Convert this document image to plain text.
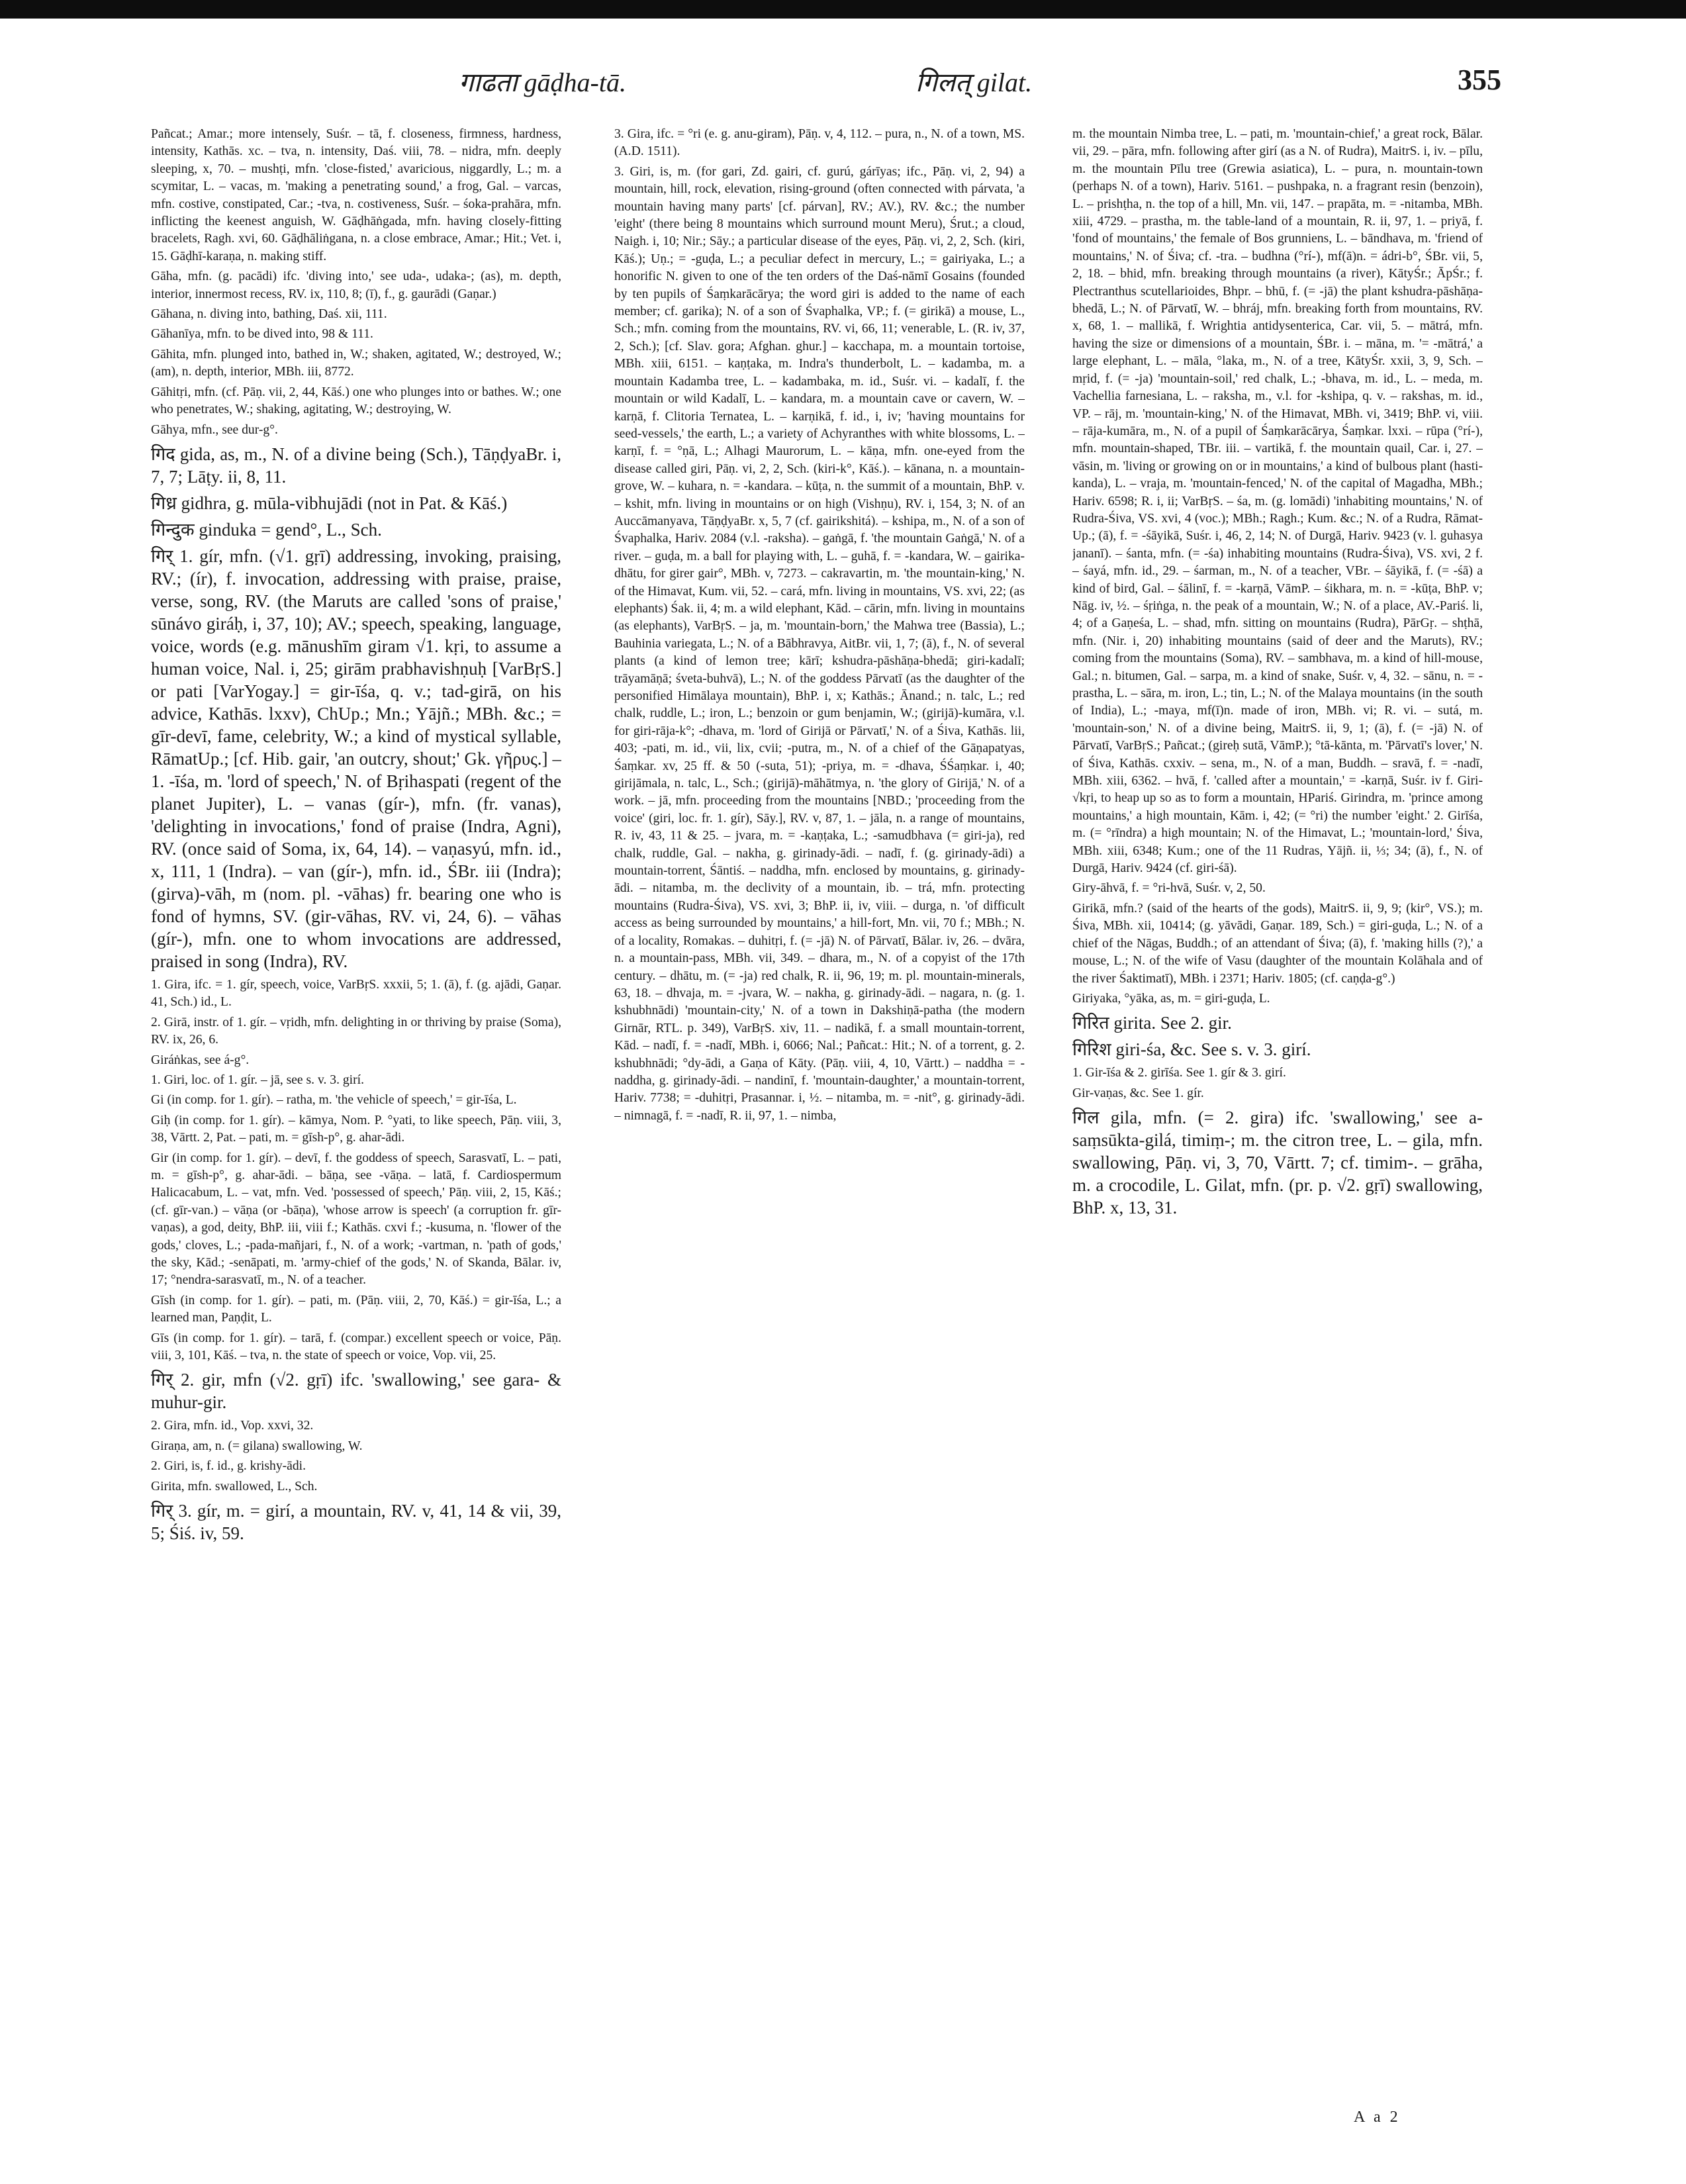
गाढता gāḍha-tā.	गिलत् gilat.	355

Pañcat.; Amar.; more intensely, Suśr. – tā, f. closeness, firmness, hardness, intensity, Kathās. xc. – tva, n. intensity, Daś. viii, 78. – nidra, mfn. deeply sleeping, x, 70. – mushṭi, mfn. 'close-fisted,' avaricious, niggardly, L.; m. a scymitar, L. – vacas, m. 'making a penetrating sound,' a frog, Gal. – varcas, mfn. costive, constipated, Car.; -tva, n. costiveness, Suśr. – śoka-prahāra, mfn. inflicting the keenest anguish, W. Gāḍhāṅgada, mfn. having closely-fitting bracelets, Ragh. xvi, 60. Gāḍhāliṅgana, n. a close embrace, Amar.; Hit.; Vet. i, 15. Gāḍhī-karaṇa, n. making stiff.

Gāha, mfn. (g. pacādi) ifc. 'diving into,' see uda-, udaka-; (as), m. depth, interior, innermost recess, RV. ix, 110, 8; (ī), f., g. gaurādi (Gaṇar.)

Gāhana, n. diving into, bathing, Daś. xii, 111.

Gāhanīya, mfn. to be dived into, 98 & 111.

Gāhita, mfn. plunged into, bathed in, W.; shaken, agitated, W.; destroyed, W.; (am), n. depth, interior, MBh. iii, 8772.

Gāhitṛi, mfn. (cf. Pāṇ. vii, 2, 44, Kāś.) one who plunges into or bathes. W.; one who penetrates, W.; shaking, agitating, W.; destroying, W.

Gāhya, mfn., see dur-g°.

गिद gida, as, m., N. of a divine being (Sch.), TāṇḍyaBr. i, 7, 7; Lāṭy. ii, 8, 11.

गिध्र gidhra, g. mūla-vibhujādi (not in Pat. & Kāś.)

गिन्दुक ginduka = gend°, L., Sch.

गिर् 1. gír, mfn. (√1. gṛī) addressing, invoking, praising, RV.; (ír), f. invocation, addressing with praise, praise, verse, song, RV. (the Maruts are called 'sons of praise,' sūnávo giráḥ, i, 37, 10); AV.; speech, speaking, language, voice, words (e.g. mānushīm giram √1. kṛi, to assume a human voice, Nal. i, 25; girām prabhavishṇuḥ [VarBṛS.] or pati [VarYogay.] = gir-īśa, q. v.; tad-girā, on his advice, Kathās. lxxv), ChUp.; Mn.; Yājñ.; MBh. &c.; = gīr-devī, fame, celebrity, W.; a kind of mystical syllable, RāmatUp.; [cf. Hib. gair, 'an outcry, shout;' Gk. γῆρυς.] – 1. -īśa, m. 'lord of speech,' N. of Bṛihaspati (regent of the planet Jupiter), L. – vanas (gír-), mfn. (fr. vanas), 'delighting in invocations,' fond of praise (Indra, Agni), RV. (once said of Soma, ix, 64, 14). – vaṇasyú, mfn. id., x, 111, 1 (Indra). – van (gír-), mfn. id., ŚBr. iii (Indra); (girva)-vāh, m (nom. pl. -vāhas) fr. bearing one who is fond of hymns, SV. (gir-vāhas, RV. vi, 24, 6). – vāhas (gír-), mfn. one to whom invocations are addressed, praised in song (Indra), RV.

1. Gira, ifc. = 1. gír, speech, voice, VarBṛS. xxxii, 5; 1. (ā), f. (g. ajādi, Gaṇar. 41, Sch.) id., L.

2. Girā, instr. of 1. gír. – vṛidh, mfn. delighting in or thriving by praise (Soma), RV. ix, 26, 6.

Giráṅkas, see á-g°.

1. Giri, loc. of 1. gír. – jā, see s. v. 3. girí.

Gi (in comp. for 1. gír). – ratha, m. 'the vehicle of speech,' = gir-īśa, L.

Giḥ (in comp. for 1. gír). – kāmya, Nom. P. °yati, to like speech, Pāṇ. viii, 3, 38, Vārtt. 2, Pat. – pati, m. = gīsh-p°, g. ahar-ādi.

Gir (in comp. for 1. gír). – devī, f. the goddess of speech, Sarasvatī, L. – pati, m. = gīsh-p°, g. ahar-ādi. – bāṇa, see -vāṇa. – latā, f. Cardiospermum Halicacabum, L. – vat, mfn. Ved. 'possessed of speech,' Pāṇ. viii, 2, 15, Kāś.; (cf. gīr-van.) – vāṇa (or -bāṇa), 'whose arrow is speech' (a corruption fr. gīr-vaṇas), a god, deity, BhP. iii, viii f.; Kathās. cxvi f.; -kusuma, n. 'flower of the gods,' cloves, L.; -pada-mañjari, f., N. of a work; -vartman, n. 'path of gods,' the sky, Kād.; -senāpati, m. 'army-chief of the gods,' N. of Skanda, Bālar. iv, 17; °nendra-sarasvatī, m., N. of a teacher.

Gīsh (in comp. for 1. gír). – pati, m. (Pāṇ. viii, 2, 70, Kāś.) = gir-īśa, L.; a learned man, Paṇḍit, L.

Gīs (in comp. for 1. gír). – tarā, f. (compar.) excellent speech or voice, Pāṇ. viii, 3, 101, Kāś. – tva, n. the state of speech or voice, Vop. vii, 25.

गिर् 2. gir, mfn (√2. gṛī) ifc. 'swallowing,' see gara- & muhur-gir.

2. Gira, mfn. id., Vop. xxvi, 32.

Giraṇa, am, n. (= gilana) swallowing, W.

2. Giri, is, f. id., g. krishy-ādi.

Girita, mfn. swallowed, L., Sch.

गिर् 3. gír, m. = girí, a mountain, RV. v, 41, 14 & vii, 39, 5; Śiś. iv, 59.

3. Gira, ifc. = °ri (e. g. anu-giram), Pāṇ. v, 4, 112. – pura, n., N. of a town, MS. (A.D. 1511).

3. Giri, is, m. (for gari, Zd. gairi, cf. gurú, gárīyas; ifc., Pāṇ. vi, 2, 94) a mountain, hill, rock, elevation, rising-ground (often connected with párvata, 'a mountain having many parts' [cf. párvan], RV.; AV.), RV. &c.; the number 'eight' (there being 8 mountains which surround mount Meru), Śrut.; a cloud, Naigh. i, 10; Nir.; Sāy.; a particular disease of the eyes, Pāṇ. vi, 2, 2, Sch. (kiri, Kāś.); Uṇ.; = -guḍa, L.; a peculiar defect in mercury, L.; = gairiyaka, L.; a honorific N. given to one of the ten orders of the Daś-nāmī Gosains (founded by ten pupils of Śaṃkarācārya; the word giri is added to the name of each member; cf. garika); N. of a son of Śvaphalka, VP.; f. (= girikā) a mouse, L., Sch.; mfn. coming from the mountains, RV. vi, 66, 11; venerable, L. (R. iv, 37, 2, Sch.); [cf. Slav. gora; Afghan. ghur.] – kacchapa, m. a mountain tortoise, MBh. xiii, 6151. – kaṇṭaka, m. Indra's thunderbolt, L. – kadamba, m. a mountain Kadamba tree, L. – kadambaka, m. id., Suśr. vi. – kadalī, f. the mountain or wild Kadalī, L. – kandara, m. a mountain cave or cavern, W. – karṇā, f. Clitoria Ternatea, L. – karṇikā, f. id., i, iv; 'having mountains for seed-vessels,' the earth, L.; a variety of Achyranthes with white blossoms, L. – karṇī, f. = °ṇā, L.; Alhagi Maurorum, L. – kāṇa, mfn. one-eyed from the disease called giri, Pāṇ. vi, 2, 2, Sch. (kiri-k°, Kāś.). – kānana, n. a mountain-grove, W. – kuhara, n. = -kandara. – kūṭa, n. the summit of a mountain, BhP. v. – kshit, mfn. living in mountains or on high (Vishṇu), RV. i, 154, 3; N. of an Auccāmanyava, TāṇḍyaBr. x, 5, 7 (cf. gairikshitá). – kshipa, m., N. of a son of Śvaphalka, Hariv. 2084 (v.l. -raksha). – gaṅgā, f. 'the mountain Gaṅgā,' N. of a river. – guḍa, m. a ball for playing with, L. – guhā, f. = -kandara, W. – gairika-dhātu, for girer gair°, MBh. v, 7273. – cakravartin, m. 'the mountain-king,' N. of the Himavat, Kum. vii, 52. – cará, mfn. living in mountains, VS. xvi, 22; (as elephants) Śak. ii, 4; m. a wild elephant, Kād. – cārin, mfn. living in mountains (as elephants), VarBṛS. – ja, m. 'mountain-born,' the Mahwa tree (Bassia), L.; Bauhinia variegata, L.; N. of a Bābhravya, AitBr. vii, 1, 7; (ā), f., N. of several plants (a kind of lemon tree; kārī; kshudra-pāshāṇa-bhedā; giri-kadalī; trāyamāṇā; śveta-buhvā), L.; N. of the goddess Pārvatī (as the daughter of the personified Himālaya mountain), BhP. i, x; Kathās.; Ānand.; n. talc, L.; red chalk, ruddle, L.; iron, L.; benzoin or gum benjamin, W.; (girijā)-kumāra, v.l. for giri-rāja-k°; -dhava, m. 'lord of Girijā or Pārvatī,' N. of a Śiva, Kathās. lii, 403; -pati, m. id., vii, lix, cvii; -putra, m., N. of a chief of the Gāṇapatyas, Śaṃkar. xv, 25 ff. & 50 (-suta, 51); -priya, m. = -dhava, ŚŚaṃkar. i, 40; girijāmala, n. talc, L., Sch.; (girijā)-māhātmya, n. 'the glory of Girijā,' N. of a work. – jā, mfn. proceeding from the mountains [NBD.; 'proceeding from the voice' (giri, loc. fr. 1. gír), Sāy.], RV. v, 87, 1. – jāla, n. a range of mountains, R. iv, 43, 11 & 25. – jvara, m. = -kaṇṭaka, L.; -samudbhava (= giri-ja), red chalk, ruddle, Gal. – nakha, g. girinady-ādi. – nadī, f. (g. girinady-ādi) a mountain-torrent, Śāntiś. – naddha, mfn. enclosed by mountains, g. girinady-ādi. – nitamba, m. the declivity of a mountain, ib. – trá, mfn. protecting mountains (Rudra-Śiva), VS. xvi, 3; BhP. ii, iv, viii. – durga, n. 'of difficult access as being surrounded by mountains,' a hill-fort, Mn. vii, 70 f.; MBh.; N. of a locality, Romakas. – duhitṛi, f. (= -jā) N. of Pārvatī, Bālar. iv, 26. – dvāra, n. a mountain-pass, MBh. vii, 349. – dhara, m., N. of a copyist of the 17th century. – dhātu, m. (= -ja) red chalk, R. ii, 96, 19; m. pl. mountain-minerals, 63, 18. – dhvaja, m. = -jvara, W. – nakha, g. girinady-ādi. – nagara, n. (g. 1. kshubhnādi) 'mountain-city,' N. of a town in Dakshiṇā-patha (the modern Girnār, RTL. p. 349), VarBṛS. xiv, 11. – nadikā, f. a small mountain-torrent, Kād. – nadī, f. = -nadī, MBh. i, 6066; Nal.; Pañcat.: Hit.; N. of a torrent, g. 2. kshubhnādi; °dy-ādi, a Gaṇa of Kāty. (Pāṇ. viii, 4, 10, Vārtt.) – naddha = -naddha, g. girinady-ādi. – nandinī, f. 'mountain-daughter,' a mountain-torrent, Hariv. 7738; = -duhitṛi, Prasannar. i, ½. – nitamba, m. = -nit°, g. girinady-ādi. – nimnagā, f. = -nadī, R. ii, 97, 1. – nimba,

m. the mountain Nimba tree, L. – pati, m. 'mountain-chief,' a great rock, Bālar. vii, 29. – pāra, mfn. following after girí (as a N. of Rudra), MaitrS. i, iv. – pīlu, m. the mountain Pīlu tree (Grewia asiatica), L. – pura, n. mountain-town (perhaps N. of a town), Hariv. 5161. – pushpaka, n. a fragrant resin (benzoin), L. – prishṭha, n. the top of a hill, Mn. vii, 147. – prapāta, m. = -nitamba, MBh. xiii, 4729. – prastha, m. the table-land of a mountain, R. ii, 97, 1. – priyā, f. 'fond of mountains,' the female of Bos grunniens, L. – bāndhava, m. 'friend of mountains,' N. of Śiva; cf. -tra. – budhna (°rí-), mf(ā)n. = ádri-b°, ŚBr. vii, 5, 2, 18. – bhid, mfn. breaking through mountains (a river), KātyŚr.; ĀpŚr.; f. Plectranthus scutellarioides, Bhpr. – bhū, f. (= -jā) the plant kshudra-pāshāṇa-bhedā, L.; N. of Pārvatī, W. – bhráj, mfn. breaking forth from mountains, RV. x, 68, 1. – mallikā, f. Wrightia antidysenterica, Car. vii, 5. – mātrá, mfn. having the size or dimensions of a mountain, ŚBr. i. – māna, m. '= -mātrá,' a large elephant, L. – māla, °laka, m., N. of a tree, KātyŚr. xxii, 3, 9, Sch. – mṛid, f. (= -ja) 'mountain-soil,' red chalk, L.; -bhava, m. id., L. – meda, m. Vachellia farnesiana, L. – raksha, m., v.l. for -kshipa, q. v. – rakshas, m. id., VP. – rāj, m. 'mountain-king,' N. of the Himavat, MBh. vi, 3419; BhP. vi, viii. – rāja-kumāra, m., N. of a pupil of Śaṃkarācārya, Śaṃkar. lxxi. – rūpa (°rí-), mfn. mountain-shaped, TBr. iii. – vartikā, f. the mountain quail, Car. i, 27. – vāsin, m. 'living or growing on or in mountains,' a kind of bulbous plant (hasti-kanda), L. – vraja, m. 'mountain-fenced,' N. of the capital of Magadha, MBh.; Hariv. 6598; R. i, ii; VarBṛS. – śa, m. (g. lomādi) 'inhabiting mountains,' N. of Rudra-Śiva, VS. xvi, 4 (voc.); MBh.; Ragh.; Kum. &c.; N. of a Rudra, Rāmat-Up.; (ā), f. = -śāyikā, Suśr. i, 46, 2, 14; N. of Durgā, Hariv. 9423 (v. l. guhasya jananī). – śanta, mfn. (= -śa) inhabiting mountains (Rudra-Śiva), VS. xvi, 2 f. – śayá, mfn. id., 29. – śarman, m., N. of a teacher, VBr. – śāyikā, f. (= -śā) a kind of bird, Gal. – śālinī, f. = -karṇā, VāmP. – śikhara, m. n. = -kūṭa, BhP. v; Nāg. iv, ½. – śṛiṅga, n. the peak of a mountain, W.; N. of a place, AV.-Pariś. li, 4; of a Gaṇeśa, L. – shad, mfn. sitting on mountains (Rudra), PārGṛ. – shṭhā, mfn. (Nir. i, 20) inhabiting mountains (said of deer and the Maruts), RV.; coming from the mountains (Soma), RV. – sambhava, m. a kind of hill-mouse, Gal.; n. bitumen, Gal. – sarpa, m. a kind of snake, Suśr. v, 4, 32. – sānu, n. = -prastha, L. – sāra, m. iron, L.; tin, L.; N. of the Malaya mountains (in the south of India), L.; -maya, mf(ī)n. made of iron, MBh. vi; R. vi. – sutá, m. 'mountain-son,' N. of a divine being, MaitrS. ii, 9, 1; (ā), f. (= -jā) N. of Pārvatī, VarBṛS.; Pañcat.; (gireḥ sutā, VāmP.); °tā-kānta, m. 'Pārvatī's lover,' N. of Śiva, Kathās. cxxiv. – sena, m., N. of a man, Buddh. – sravā, f. = -nadī, MBh. xiii, 6362. – hvā, f. 'called after a mountain,' = -karṇā, Suśr. iv f. Giri-√kṛi, to heap up so as to form a mountain, HPariś. Girindra, m. 'prince among mountains,' a high mountain, Kām. i, 42; (= °ri) the number 'eight.' 2. Girīśa, m. (= °rīndra) a high mountain; N. of the Himavat, L.; 'mountain-lord,' Śiva, MBh. xiii, 6348; Kum.; one of the 11 Rudras, Yājñ. ii, ⅓; 34; (ā), f., N. of Durgā, Hariv. 9424 (cf. giri-śā).

Giry-āhvā, f. = °ri-hvā, Suśr. v, 2, 50.

Girikā, mfn.? (said of the hearts of the gods), MaitrS. ii, 9, 9; (kir°, VS.); m. Śiva, MBh. xii, 10414; (g. yāvādi, Gaṇar. 189, Sch.) = giri-guḍa, L.; N. of a chief of the Nāgas, Buddh.; of an attendant of Śiva; (ā), f. 'making hills (?),' a mouse, L.; N. of the wife of Vasu (daughter of the mountain Kolāhala and of the river Śaktimatī), MBh. i 2371; Hariv. 1805; (cf. caṇḍa-g°.)

Giriyaka, °yāka, as, m. = giri-guḍa, L.

गिरित girita. See 2. gir.

गिरिश giri-śa, &c. See s. v. 3. girí.

1. Gir-īśa & 2. girīśa. See 1. gír & 3. girí.

Gir-vaṇas, &c. See 1. gír.

गिल gila, mfn. (= 2. gira) ifc. 'swallowing,' see a-saṃsūkta-gilá, timiṃ-; m. the citron tree, L. – gila, mfn. swallowing, Pāṇ. vi, 3, 70, Vārtt. 7; cf. timim-. – grāha, m. a crocodile, L. Gilat, mfn. (pr. p. √2. gṛī) swallowing, BhP. x, 13, 31.

A a 2
